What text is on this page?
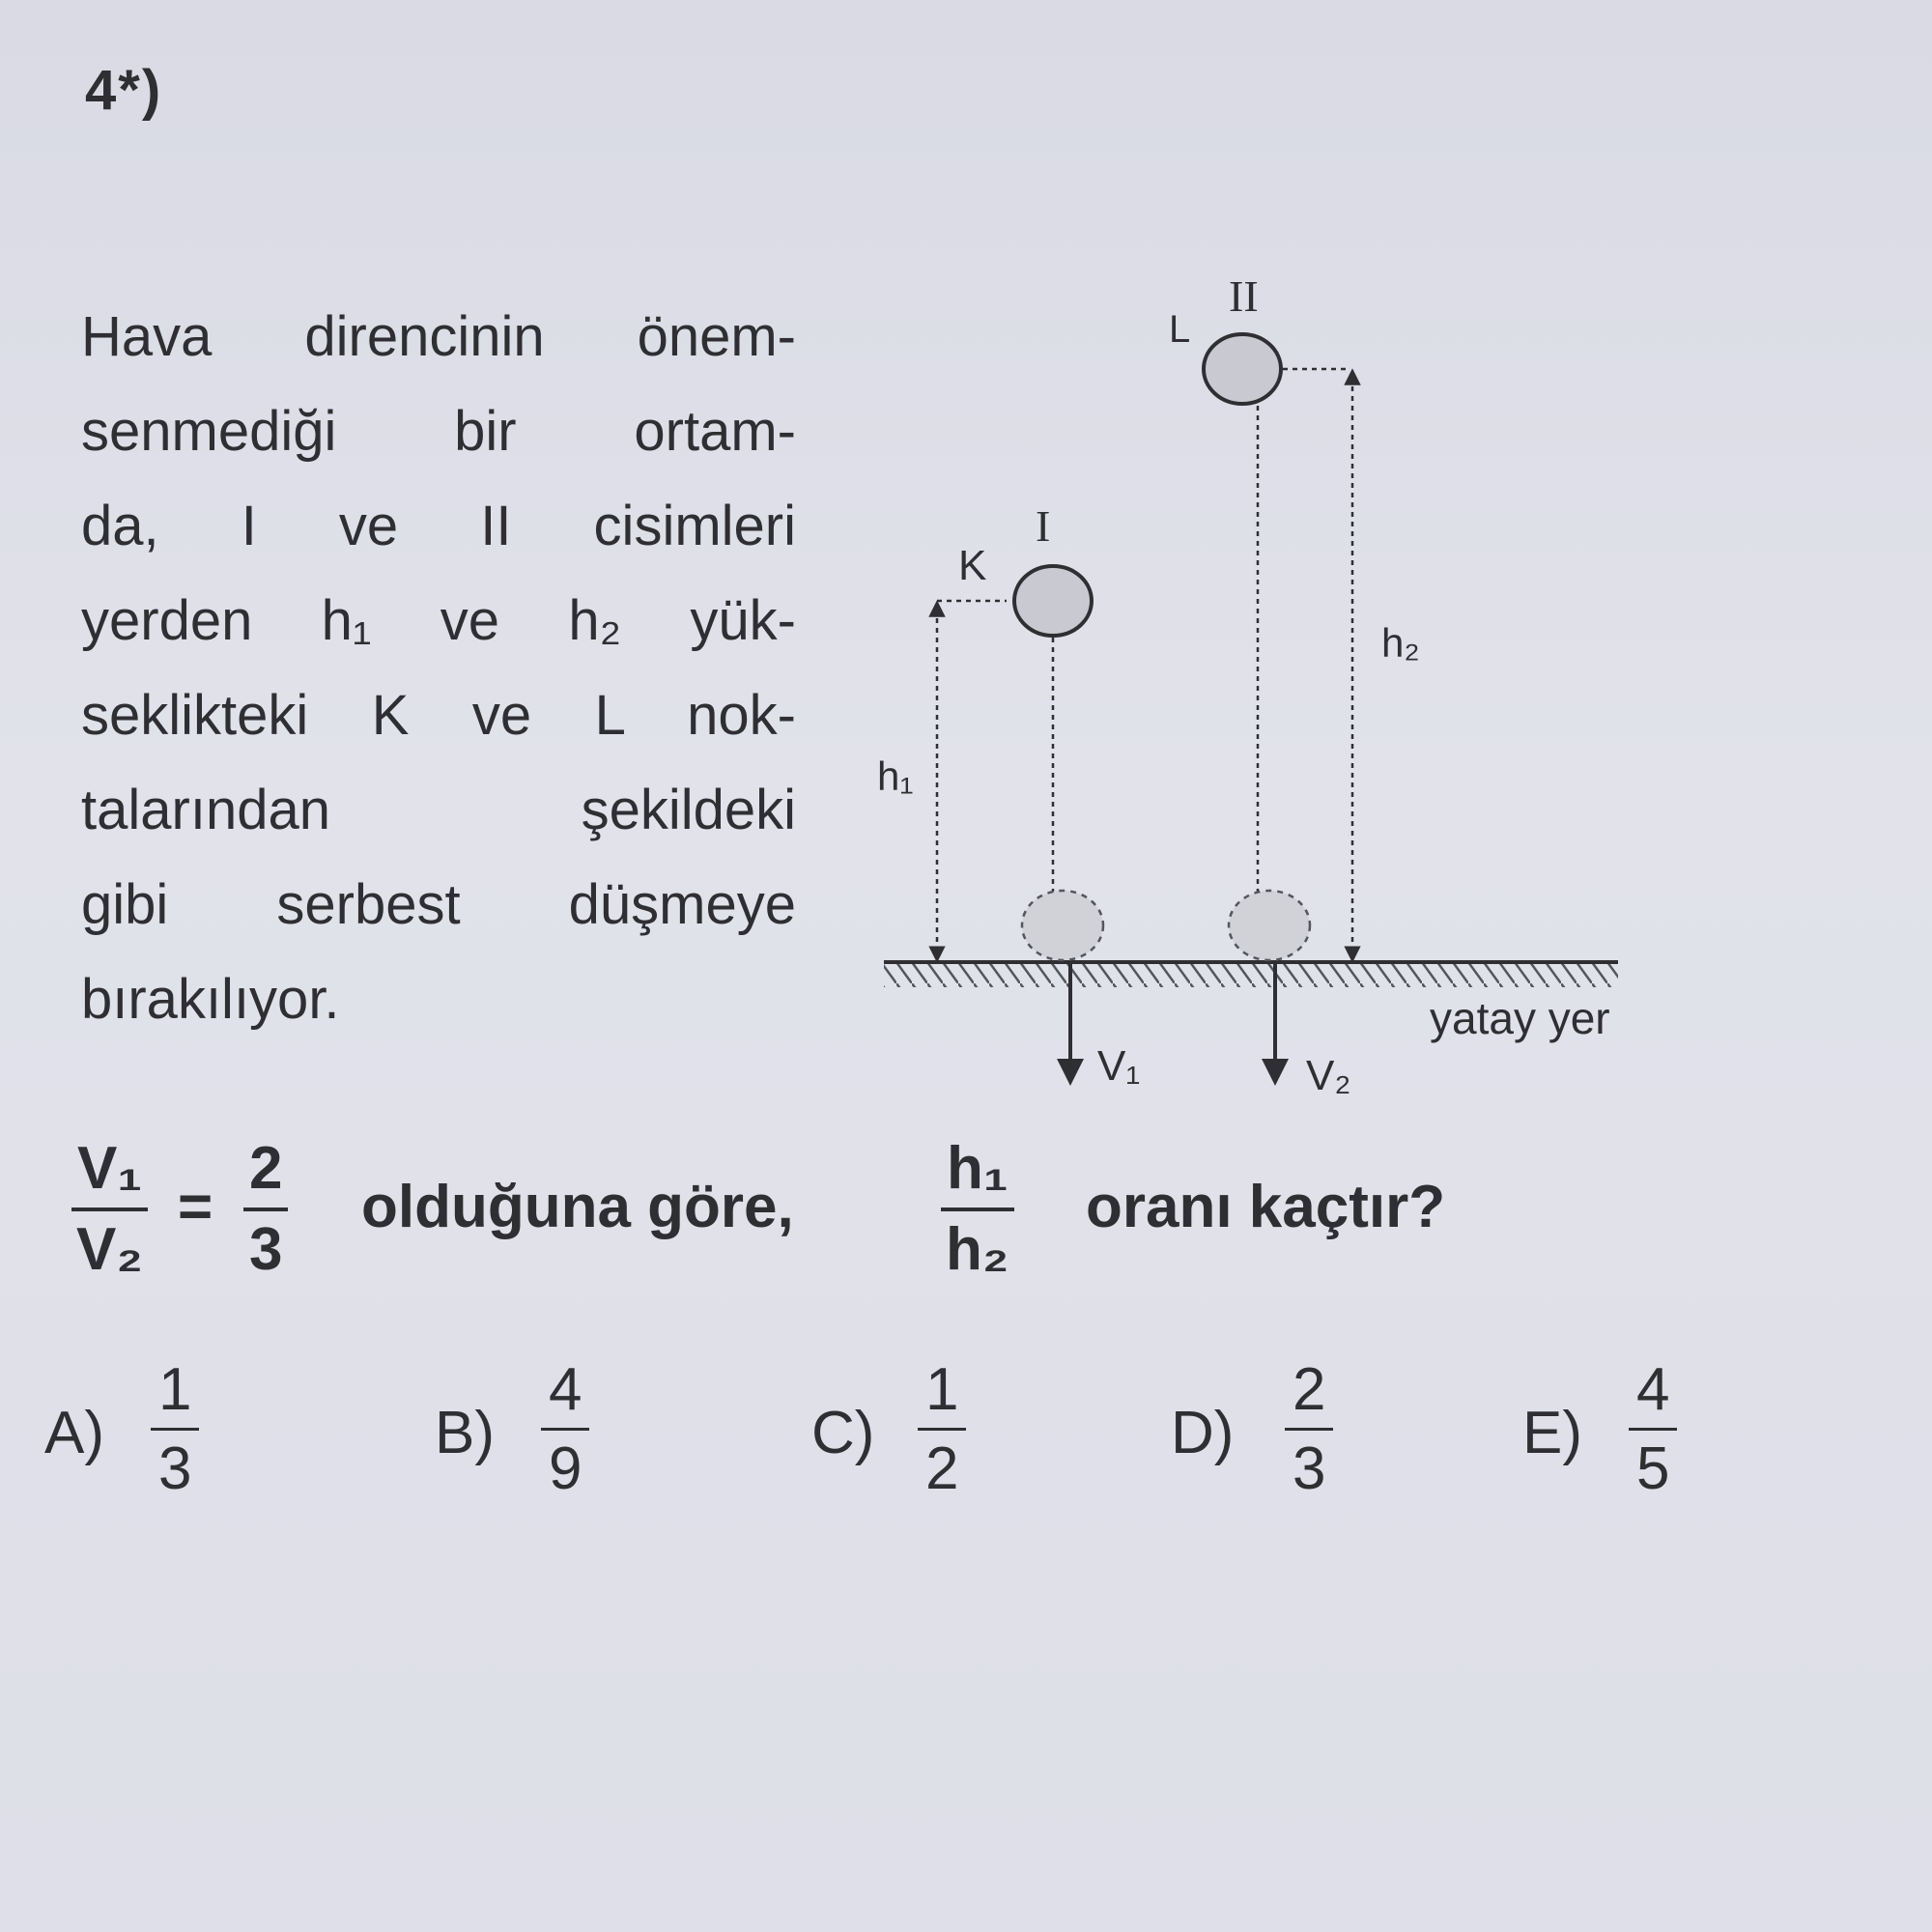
4*)
Hava direncinin önem-
senmediği bir ortam-
da, I ve II cisimleri
yerden h₁ ve h₂ yük-
seklikteki K ve L nok-
talarından şekildeki
gibi serbest düşmeye
bırakılıyor.	yatay yer
I
K
V₁
h₁
II
L
V₂
h₂
$\frac{\text{V₁}}{\text{V₂}} = \frac{2}{3}$ olduğuna göre, $\frac{\text{h₁}}{\text{h₂}}$ oranı kaçtır?
$A) \frac{1}{3}$	$B) \frac{4}{9}$	$C) \frac{1}{2}$	$D) \frac{2}{3}$	$E) \frac{4}{5}$
